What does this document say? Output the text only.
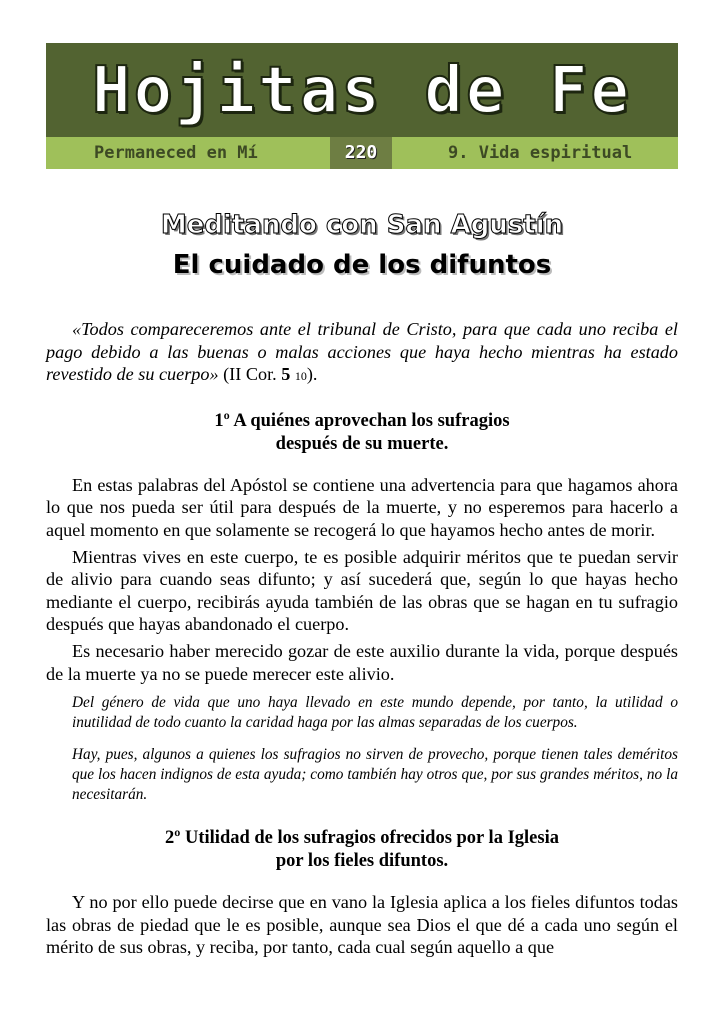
Hojitas de Fe
Permaneced en Mí	220	9. Vida espiritual
Meditando con San Agustín
El cuidado de los difuntos

«Todos compareceremos ante el tribunal de Cristo, para que cada uno reciba el pago debido a las buenas o malas acciones que haya hecho mientras ha estado revestido de su cuerpo» (II Cor. 5 10).

1º A quiénes aprovechan los sufragios
después de su muerte.

En estas palabras del Apóstol se contiene una advertencia para que hagamos ahora lo que nos pueda ser útil para después de la muerte, y no esperemos para hacerlo a aquel momento en que solamente se recogerá lo que hayamos hecho antes de morir.

Mientras vives en este cuerpo, te es posible adquirir méritos que te puedan servir de alivio para cuando seas difunto; y así sucederá que, según lo que hayas hecho mediante el cuerpo, recibirás ayuda también de las obras que se hagan en tu sufragio después que hayas abandonado el cuerpo.

Es necesario haber merecido gozar de este auxilio durante la vida, porque después de la muerte ya no se puede merecer este alivio.

Del género de vida que uno haya llevado en este mundo depende, por tanto, la utilidad o inutilidad de todo cuanto la caridad haga por las almas separadas de los cuerpos.
Hay, pues, algunos a quienes los sufragios no sirven de provecho, porque tienen tales deméritos que los hacen indignos de esta ayuda; como también hay otros que, por sus grandes méritos, no la necesitarán.
2º Utilidad de los sufragios ofrecidos por la Iglesia
por los fieles difuntos.

Y no por ello puede decirse que en vano la Iglesia aplica a los fieles difuntos todas las obras de piedad que le es posible, aunque sea Dios el que dé a cada uno según el mérito de sus obras, y reciba, por tanto, cada cual según aquello a que
